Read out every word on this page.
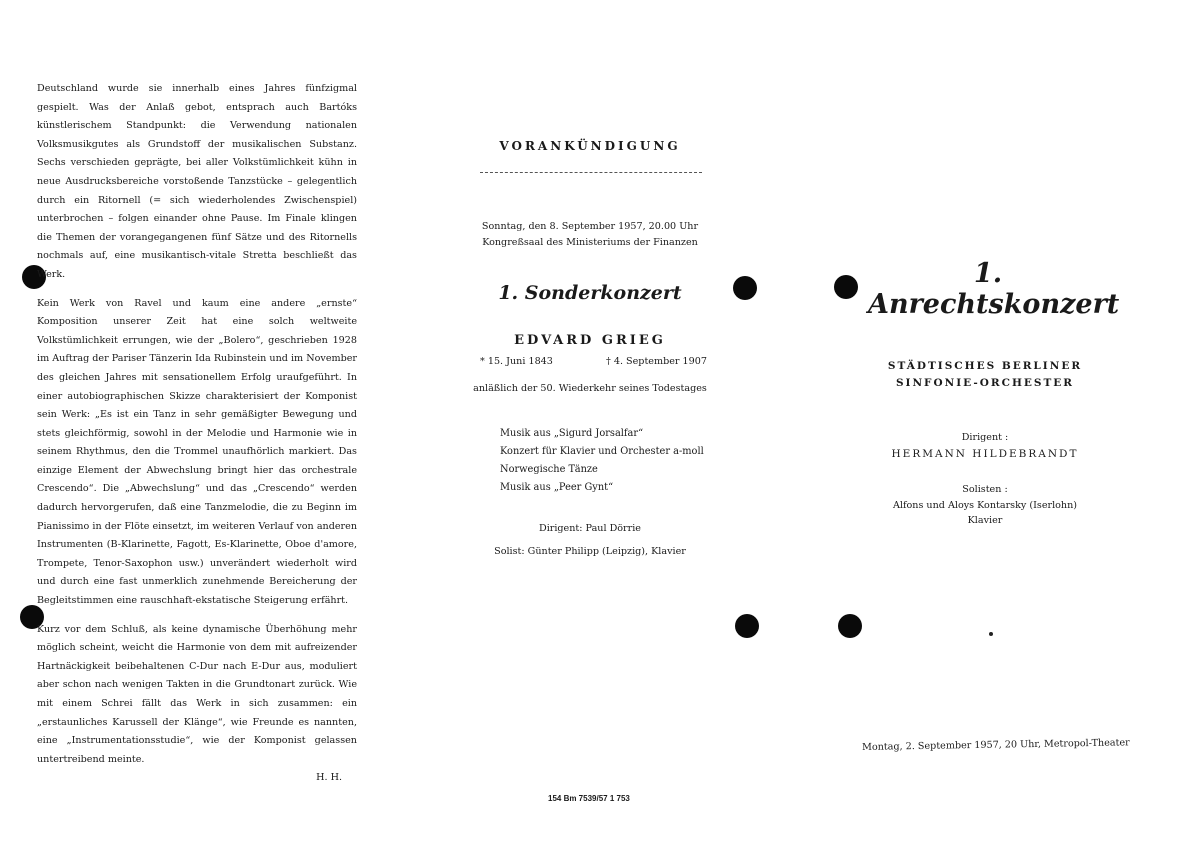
Deutschland wurde sie innerhalb eines Jahres fünfzigmal gespielt. Was der Anlaß gebot, entsprach auch Bartóks künstlerischem Standpunkt: die Verwendung nationalen Volksmusikgutes als Grundstoff der musikalischen Substanz. Sechs verschieden geprägte, bei aller Volkstümlichkeit kühn in neue Ausdrucksbereiche vorstoßende Tanzstücke – gelegentlich durch ein Ritornell (= sich wiederholendes Zwischenspiel) unterbrochen – folgen einander ohne Pause. Im Finale klingen die Themen der vorangegangenen fünf Sätze und des Ritornells nochmals auf, eine musikantisch-vitale Stretta beschließt das Werk.

Kein Werk von Ravel und kaum eine andere „ernste“ Komposition unserer Zeit hat eine solch weltweite Volkstümlichkeit errungen, wie der „Bolero“, geschrieben 1928 im Auftrag der Pariser Tänzerin Ida Rubinstein und im November des gleichen Jahres mit sensationellem Erfolg uraufgeführt. In einer autobiographischen Skizze charakterisiert der Komponist sein Werk: „Es ist ein Tanz in sehr gemäßigter Bewegung und stets gleichförmig, sowohl in der Melodie und Harmonie wie in seinem Rhythmus, den die Trommel unaufhörlich markiert. Das einzige Element der Abwechslung bringt hier das orchestrale Crescendo“. Die „Abwechslung“ und das „Crescendo“ werden dadurch hervorgerufen, daß eine Tanzmelodie, die zu Beginn im Pianissimo in der Flöte einsetzt, im weiteren Verlauf von anderen Instrumenten (B-Klarinette, Fagott, Es-Klarinette, Oboe d'amore, Trompete, Tenor-Saxophon usw.) unverändert wiederholt wird und durch eine fast unmerklich zunehmende Bereicherung der Begleitstimmen eine rauschhaft-ekstatische Steigerung erfährt.

Kurz vor dem Schluß, als keine dynamische Überhöhung mehr möglich scheint, weicht die Harmonie von dem mit aufreizender Hartnäckigkeit beibehaltenen C-Dur nach E-Dur aus, moduliert aber schon nach wenigen Takten in die Grundtonart zurück. Wie mit einem Schrei fällt das Werk in sich zusammen: ein „erstaunliches Karussell der Klänge“, wie Freunde es nannten, eine „Instrumentationsstudie“, wie der Komponist gelassen untertreibend meinte.

H. H.

VORANKÜNDIGUNG
Sonntag, den 8. September 1957, 20.00 Uhr
Kongreßsaal des Ministeriums der Finanzen
1. Sonderkonzert
EDVARD GRIEG
* 15. Juni 1843	† 4. September 1907
anläßlich der 50. Wiederkehr seines Todestages
Musik aus „Sigurd Jorsalfar“
Konzert für Klavier und Orchester a-moll
Norwegische Tänze
Musik aus „Peer Gynt“
Dirigent: Paul Dörrie
Solist: Günter Philipp (Leipzig), Klavier
154 Bm 7539/57 1 753
1. Anrechtskonzert
STÄDTISCHES BERLINER
SINFONIE-ORCHESTER
Dirigent :
HERMANN HILDEBRANDT
Solisten :
Alfons und Aloys Kontarsky (Iserlohn)
Klavier
Montag, 2. September 1957, 20 Uhr, Metropol-Theater
